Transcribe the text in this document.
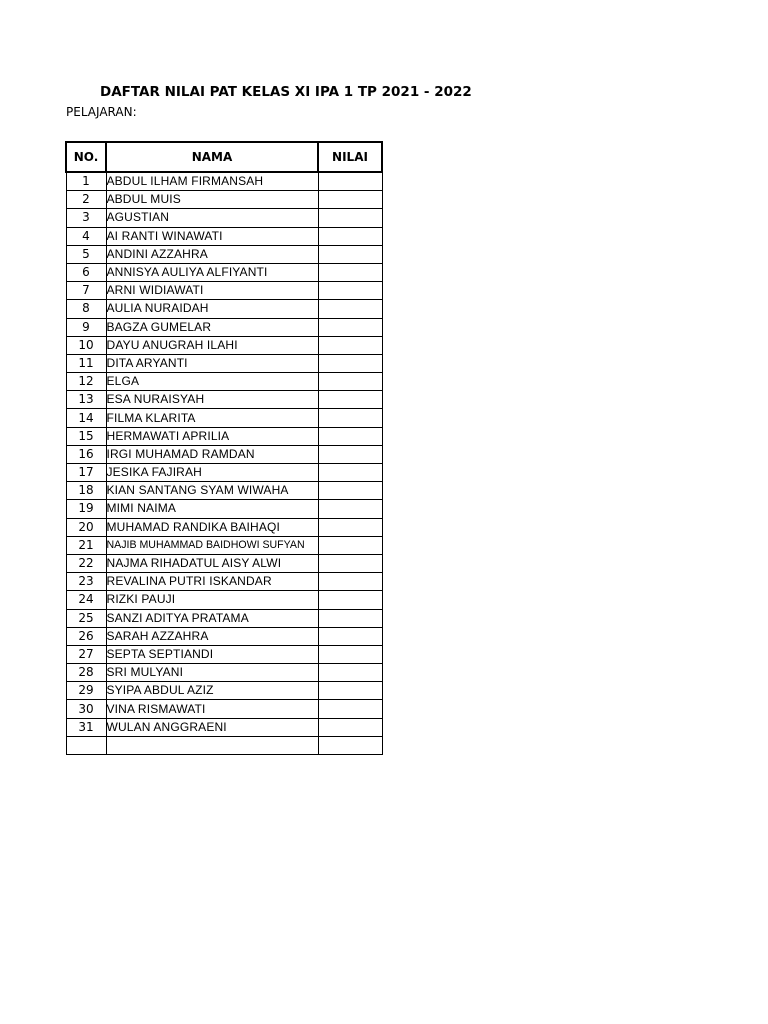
DAFTAR NILAI PAT KELAS XI IPA 1 TP 2021 - 2022
PELAJARAN:
NO.	NAMA	NILAI
1	ABDUL ILHAM FIRMANSAH	
2	ABDUL MUIS	
3	AGUSTIAN	
4	AI RANTI WINAWATI	
5	ANDINI AZZAHRA	
6	ANNISYA AULIYA ALFIYANTI	
7	ARNI WIDIAWATI	
8	AULIA NURAIDAH	
9	BAGZA GUMELAR	
10	DAYU ANUGRAH ILAHI	
11	DITA ARYANTI	
12	ELGA	
13	ESA NURAISYAH	
14	FILMA KLARITA	
15	HERMAWATI APRILIA	
16	IRGI MUHAMAD RAMDAN	
17	JESIKA FAJIRAH	
18	KIAN SANTANG SYAM WIWAHA	
19	MIMI NAIMA	
20	MUHAMAD RANDIKA BAIHAQI	
21	NAJIB MUHAMMAD BAIDHOWI SUFYAN	
22	NAJMA RIHADATUL AISY ALWI	
23	REVALINA PUTRI ISKANDAR	
24	RIZKI PAUJI	
25	SANZI ADITYA PRATAMA	
26	SARAH AZZAHRA	
27	SEPTA SEPTIANDI	
28	SRI MULYANI	
29	SYIPA ABDUL AZIZ	
30	VINA RISMAWATI	
31	WULAN ANGGRAENI	
